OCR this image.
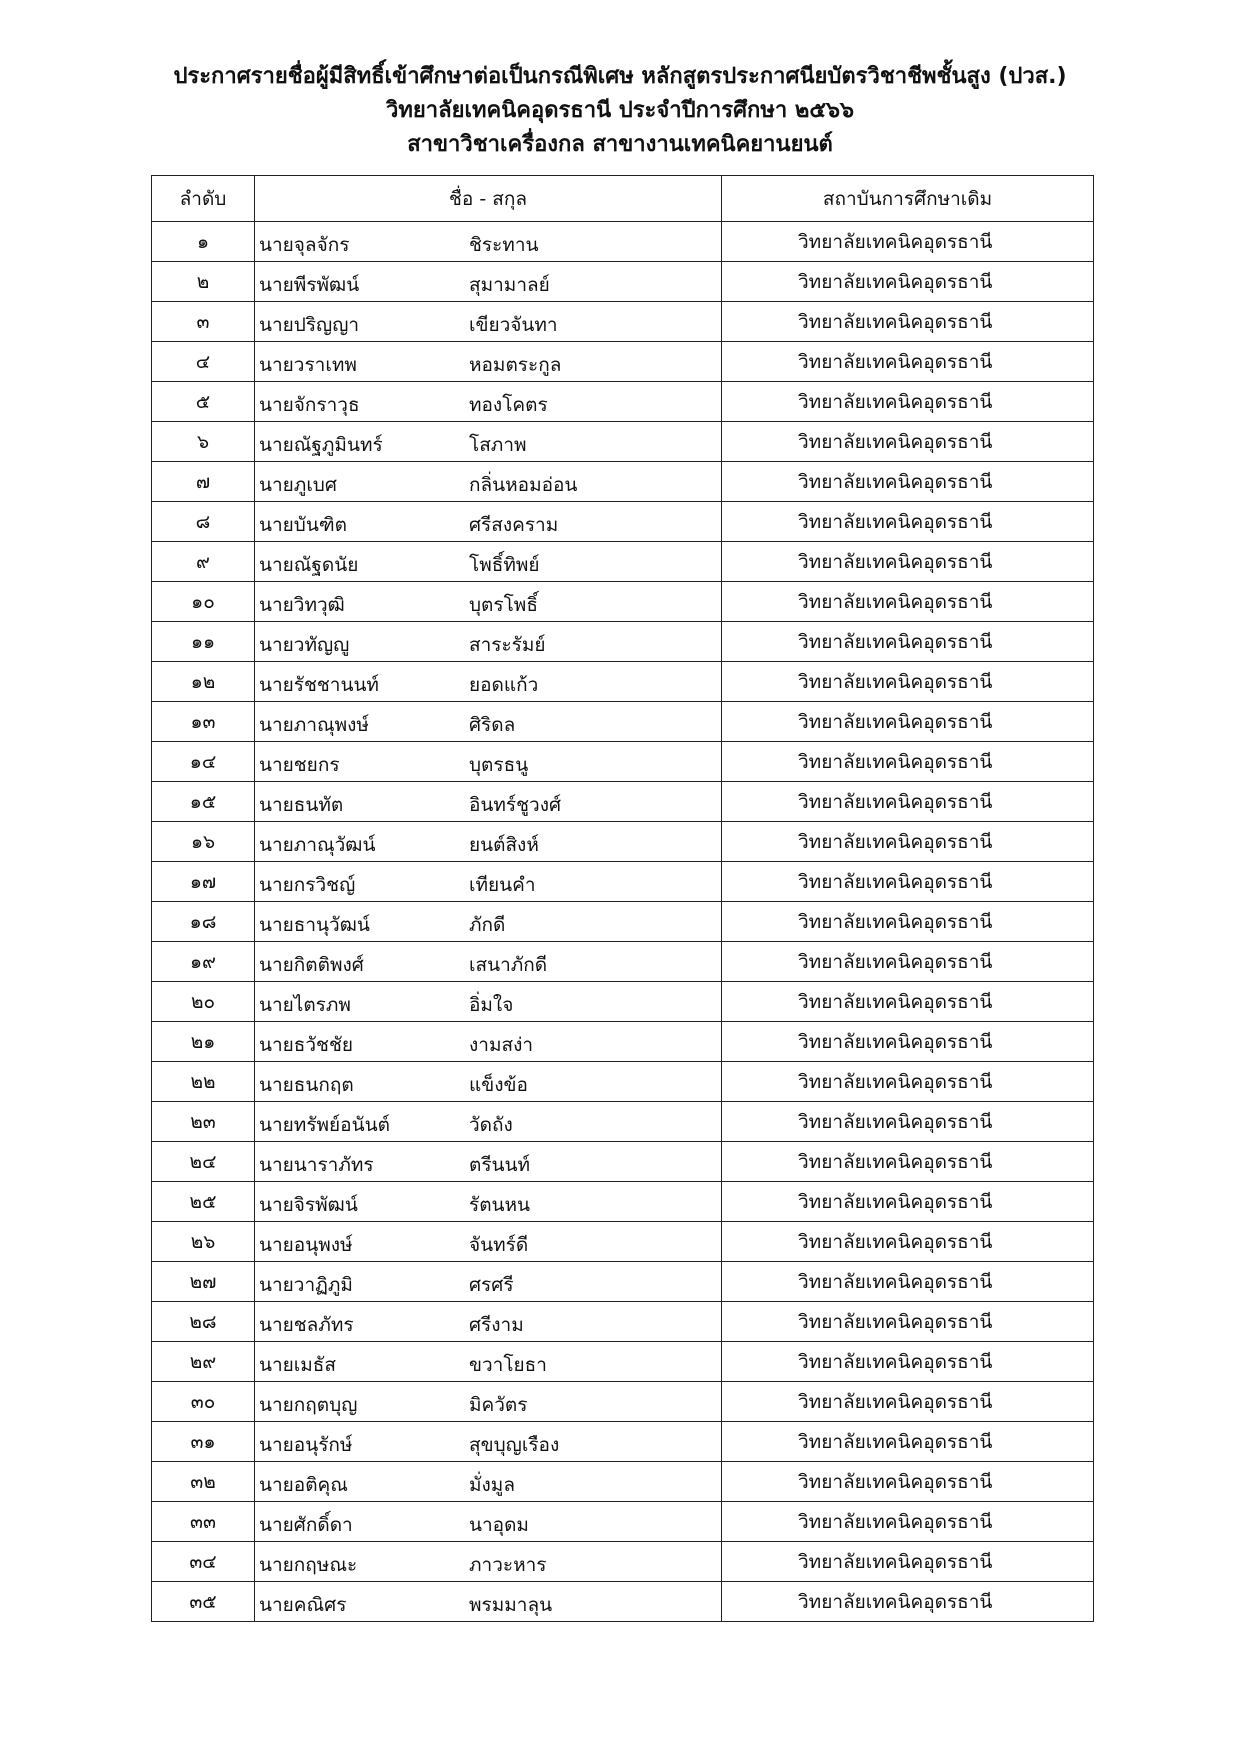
ประกาศรายชื่อผู้มีสิทธิ์เข้าศึกษาต่อเป็นกรณีพิเศษ หลักสูตรประกาศนียบัตรวิชาชีพชั้นสูง (ปวส.)
วิทยาลัยเทคนิคอุดรธานี ประจำปีการศึกษา ๒๕๖๖
สาขาวิชาเครื่องกล สาขางานเทคนิคยานยนต์
ลำดับ	ชื่อ - สกุล	สถาบันการศึกษาเดิม
๑	นายจุลจักร ชิระทาน	วิทยาลัยเทคนิคอุดรธานี
๒	นายพีรพัฒน์ สุมามาลย์	วิทยาลัยเทคนิคอุดรธานี
๓	นายปริญญา เขียวจันทา	วิทยาลัยเทคนิคอุดรธานี
๔	นายวราเทพ หอมตระกูล	วิทยาลัยเทคนิคอุดรธานี
๕	นายจักราวุธ ทองโคตร	วิทยาลัยเทคนิคอุดรธานี
๖	นายณัฐภูมินทร์ โสภาพ	วิทยาลัยเทคนิคอุดรธานี
๗	นายภูเบศ กลิ่นหอมอ่อน	วิทยาลัยเทคนิคอุดรธานี
๘	นายบันฑิต ศรีสงคราม	วิทยาลัยเทคนิคอุดรธานี
๙	นายณัฐดนัย โพธิ์ทิพย์	วิทยาลัยเทคนิคอุดรธานี
๑๐	นายวิทวุฒิ บุตรโพธิ์	วิทยาลัยเทคนิคอุดรธานี
๑๑	นายวทัญญู สาระรัมย์	วิทยาลัยเทคนิคอุดรธานี
๑๒	นายรัชชานนท์ ยอดแก้ว	วิทยาลัยเทคนิคอุดรธานี
๑๓	นายภาณุพงษ์ ศิริดล	วิทยาลัยเทคนิคอุดรธานี
๑๔	นายชยกร บุตรธนู	วิทยาลัยเทคนิคอุดรธานี
๑๕	นายธนทัต อินทร์ชูวงศ์	วิทยาลัยเทคนิคอุดรธานี
๑๖	นายภาณุวัฒน์ ยนต์สิงห์	วิทยาลัยเทคนิคอุดรธานี
๑๗	นายกรวิชญ์ เทียนคำ	วิทยาลัยเทคนิคอุดรธานี
๑๘	นายธานุวัฒน์ ภักดี	วิทยาลัยเทคนิคอุดรธานี
๑๙	นายกิตติพงศ์ เสนาภักดี	วิทยาลัยเทคนิคอุดรธานี
๒๐	นายไตรภพ อิ่มใจ	วิทยาลัยเทคนิคอุดรธานี
๒๑	นายธวัชชัย งามสง่า	วิทยาลัยเทคนิคอุดรธานี
๒๒	นายธนกฤต แข็งข้อ	วิทยาลัยเทคนิคอุดรธานี
๒๓	นายทรัพย์อนันต์ วัดถัง	วิทยาลัยเทคนิคอุดรธานี
๒๔	นายนาราภัทร ตรีนนท์	วิทยาลัยเทคนิคอุดรธานี
๒๕	นายจิรพัฒน์ รัตนหน	วิทยาลัยเทคนิคอุดรธานี
๒๖	นายอนุพงษ์ จันทร์ดี	วิทยาลัยเทคนิคอุดรธานี
๒๗	นายวาฏิภูมิ ศรศรี	วิทยาลัยเทคนิคอุดรธานี
๒๘	นายชลภัทร ศรีงาม	วิทยาลัยเทคนิคอุดรธานี
๒๙	นายเมธัส ขวาโยธา	วิทยาลัยเทคนิคอุดรธานี
๓๐	นายกฤตบุญ มิควัตร	วิทยาลัยเทคนิคอุดรธานี
๓๑	นายอนุรักษ์ สุขบุญเรือง	วิทยาลัยเทคนิคอุดรธานี
๓๒	นายอติคุณ มั่งมูล	วิทยาลัยเทคนิคอุดรธานี
๓๓	นายศักดิ์ดา นาอุดม	วิทยาลัยเทคนิคอุดรธานี
๓๔	นายกฤษณะ ภาวะหาร	วิทยาลัยเทคนิคอุดรธานี
๓๕	นายคณิศร พรมมาลุน	วิทยาลัยเทคนิคอุดรธานี
